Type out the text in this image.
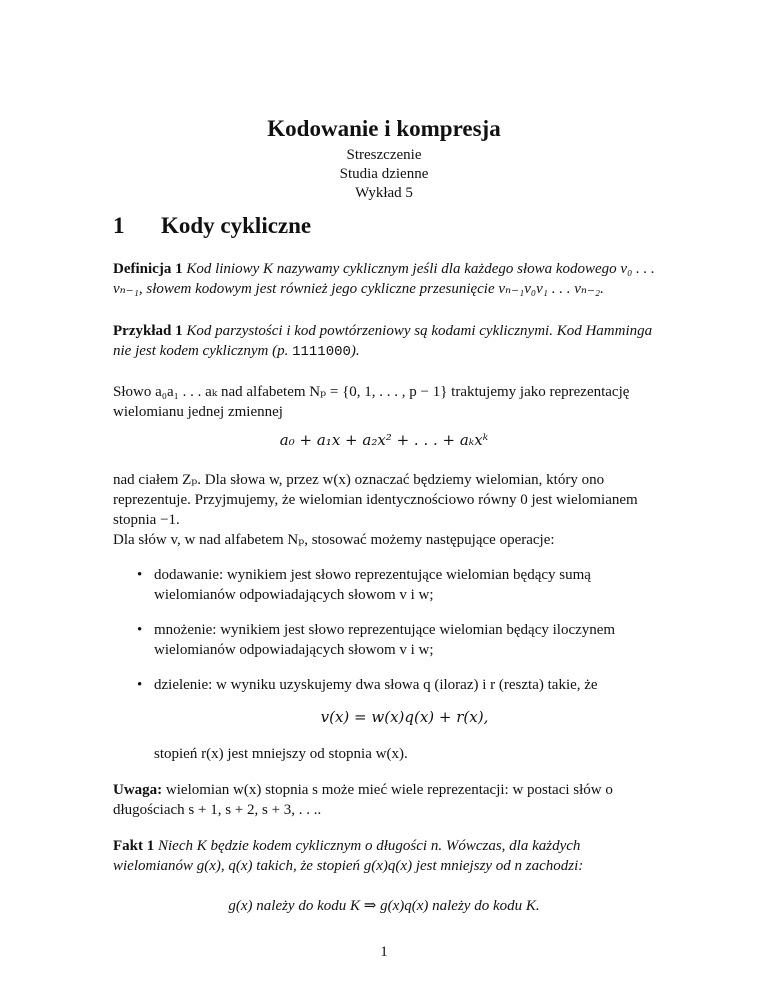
Kodowanie i kompresja

Streszczenie

Studia dzienne

Wykład 5

1 Kody cykliczne

Definicja 1 Kod liniowy K nazywamy cyklicznym jeśli dla każdego słowa kodowego v₀ . . . vₙ₋₁, słowem kodowym jest również jego cykliczne przesunięcie vₙ₋₁v₀v₁ . . . vₙ₋₂.

Przykład 1 Kod parzystości i kod powtórzeniowy są kodami cyklicznymi. Kod Hamminga nie jest kodem cyklicznym (p. 1111000).

Słowo a₀a₁ . . . aₖ nad alfabetem Nₚ = {0, 1, . . . , p − 1} traktujemy jako reprezentację wielomianu jednej zmiennej

a₀ + a₁x + a₂x² + . . . + aₖxᵏ

nad ciałem Zₚ. Dla słowa w, przez w(x) oznaczać będziemy wielomian, który ono reprezentuje. Przyjmujemy, że wielomian identycznościowo równy 0 jest wielomianem stopnia −1.

Dla słów v, w nad alfabetem Nₚ, stosować możemy następujące operacje:

• dodawanie: wynikiem jest słowo reprezentujące wielomian będący sumą wielomianów odpowiadających słowom v i w;
• mnożenie: wynikiem jest słowo reprezentujące wielomian będący iloczynem wielomianów odpowiadających słowom v i w;
• dzielenie: w wyniku uzyskujemy dwa słowa q (iloraz) i r (reszta) takie, że

v(x) = w(x)q(x) + r(x),

stopień r(x) jest mniejszy od stopnia w(x).

Uwaga: wielomian w(x) stopnia s może mieć wiele reprezentacji: w postaci słów o długościach s + 1, s + 2, s + 3, . . ..

Fakt 1 Niech K będzie kodem cyklicznym o długości n. Wówczas, dla każdych wielomianów g(x), q(x) takich, że stopień g(x)q(x) jest mniejszy od n zachodzi:

g(x) należy do kodu K ⇒ g(x)q(x) należy do kodu K.

1
